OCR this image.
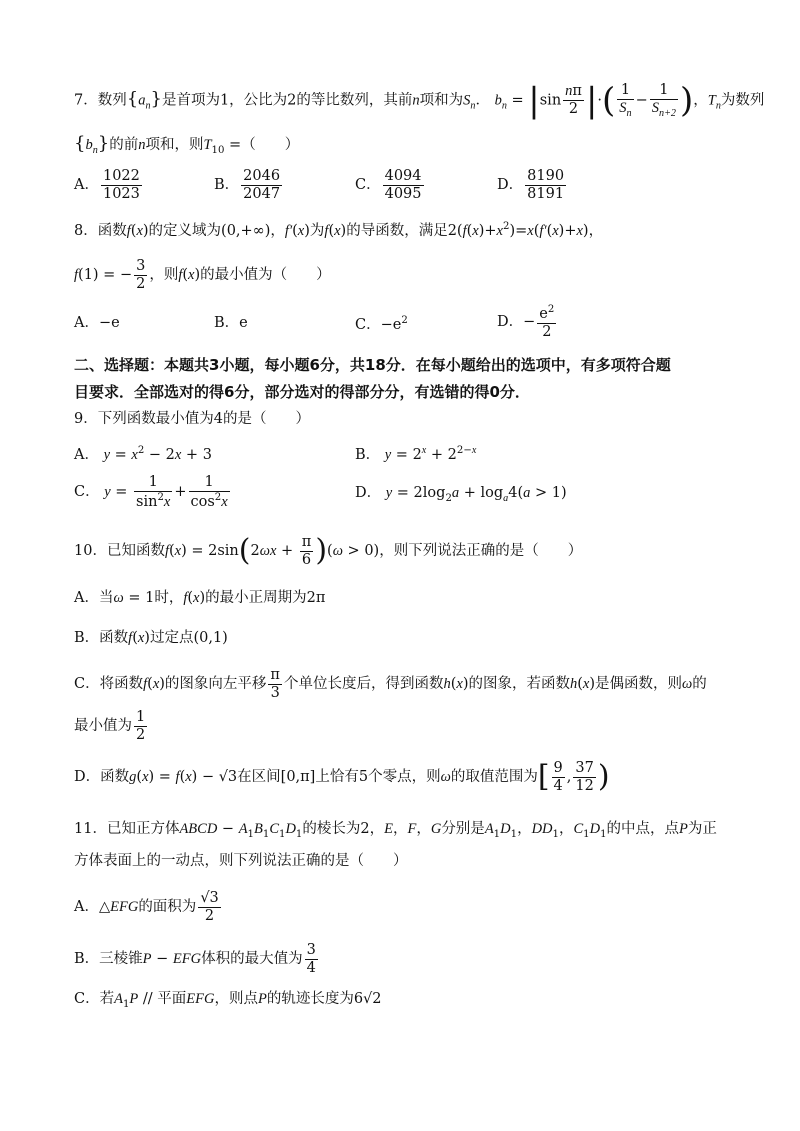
7．数列$\{a_n\}$是首项为1，公比为2的等比数列，其前n项和为$S_n$． $b_n = |\sin \frac{n\pi}{2}$ |·( $\frac{1}{S_n} - \frac{1}{S_{n+2}}$ )，$T_n$为数列
$\{b_n\}$的前n项和，则$T_{10}$ =（　　）
A． $\frac{1022}{1023}$	B． $\frac{2046}{2047}$	C． $\frac{4094}{4095}$	D． $\frac{8190}{8191}$
8．函数f(x)的定义域为(0,+∞)，f′(x)为f(x)的导函数，满足$2(f(x)+x^2)=x(f'(x)+x)$，
f(1) = − $\frac{3}{2}$ ，则f(x)的最小值为（　　）
A．−e	B．e	C．$-e^2$	D．− $\frac{e^2}{2}$
二、选择题：本题共3小题，每小题6分，共18分．在每小题给出的选项中，有多项符合题
目要求．全部选对的得6分，部分选对的得部分分，有选错的得0分．
9．下列函数最小值为4的是（　　）
A． $y = x^2 - 2x + 3$	B． $y = 2^x + 2^{2-x}$
C． $y = \frac{1}{\sin^2x} + \frac{1}{\cos^2x}$	D． $y = 2\log_2a + \log_a4(a > 1)$
10．已知函数$f(x) = 2\sin(2\omega x + \frac{\pi}{6} )(\omega > 0)$，则下列说法正确的是（　　）
A．当ω = 1时，f(x)的最小正周期为2π
B．函数f(x)过定点(0,1)
C．将函数f(x)的图象向左平移 $\frac{\pi}{3}$ 个单位长度后，得到函数h(x)的图象，若函数h(x)是偶函数，则ω的
最小值为 $\frac{1}{2}$
D．函数g(x) = f(x) − √3在区间[0,π]上恰有5个零点，则ω的取值范围为[ $\frac{9}{4}$ , $\frac{37}{12}$ )
11．已知正方体ABCD − $A_1B_1C_1D_1$的棱长为2，E，F，G分别是$A_1D_1$，$DD_1$，$C_1D_1$的中点，点P为正
方体表面上的一动点，则下列说法正确的是（　　）
A．△EFG的面积为 $\frac{√3}{2}$
B．三棱锥P − EFG体积的最大值为 $\frac{3}{4}$
C．若$A_1P$ // 平面EFG，则点P的轨迹长度为6√2
